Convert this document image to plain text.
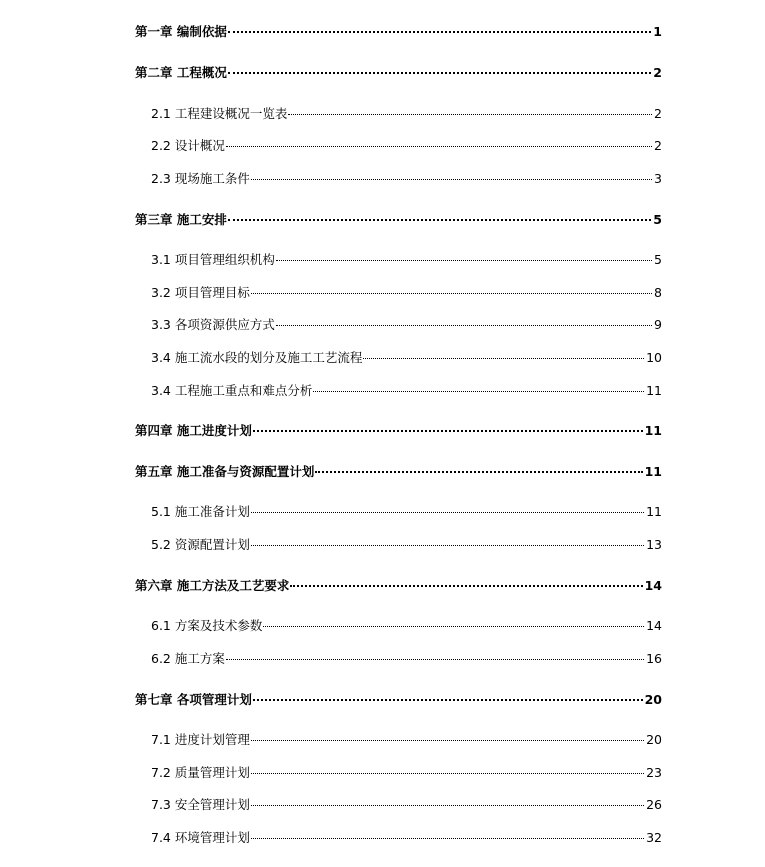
第一章 编制依据	1
第二章 工程概况	2
2.1 工程建设概况一览表	2
2.2 设计概况	2
2.3 现场施工条件	3
第三章 施工安排	5
3.1 项目管理组织机构	5
3.2 项目管理目标	8
3.3 各项资源供应方式	9
3.4 施工流水段的划分及施工工艺流程	10
3.4 工程施工重点和难点分析	11
第四章 施工进度计划	11
第五章 施工准备与资源配置计划	11
5.1 施工准备计划	11
5.2 资源配置计划	13
第六章 施工方法及工艺要求	14
6.1 方案及技术参数	14
6.2 施工方案	16
第七章 各项管理计划	20
7.1 进度计划管理	20
7.2 质量管理计划	23
7.3 安全管理计划	26
7.4 环境管理计划	32
